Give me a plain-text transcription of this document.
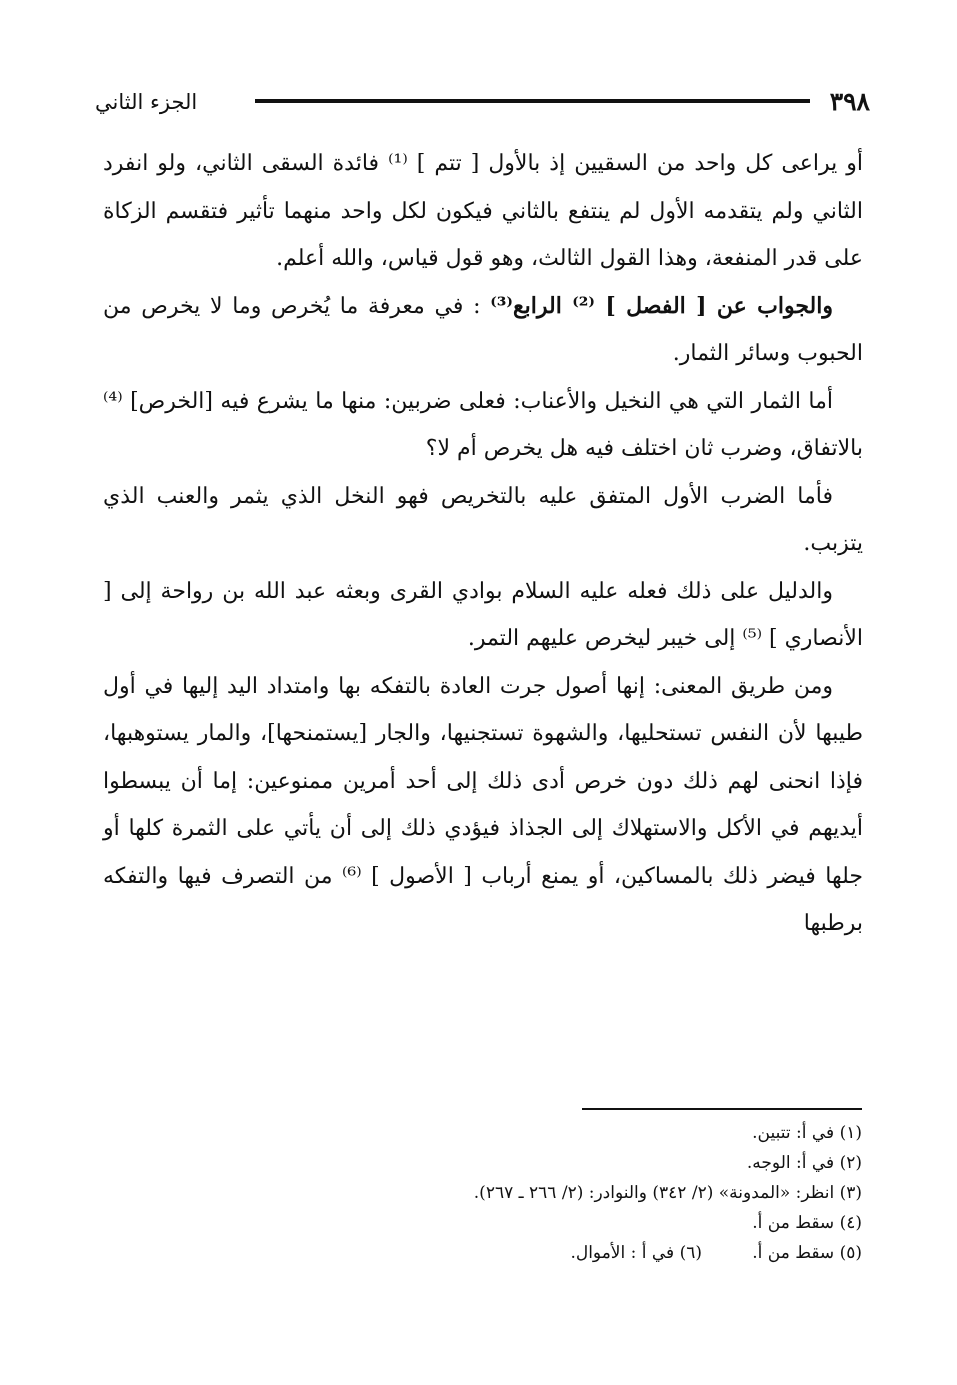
٣٩٨
الجزء الثاني

أو يراعى كل واحد من السقيين إذ بالأول [ تتم ] ⁽¹⁾ فائدة السقى الثاني، ولو انفرد الثاني ولم يتقدمه الأول لم ينتفع بالثاني فيكون لكل واحد منهما تأثير فتقسم الزكاة على قدر المنفعة، وهذا القول الثالث، وهو قول قياس، والله أعلم.

والجواب عن [ الفصل ] ⁽²⁾ الرابع⁽³⁾ : في معرفة ما يُخرص وما لا يخرص من الحبوب وسائر الثمار.

أما الثمار التي هي النخيل والأعناب: فعلى ضربين: منها ما يشرع فيه [الخرص] ⁽⁴⁾ بالاتفاق، وضرب ثان اختلف فيه هل يخرص أم لا؟

فأما الضرب الأول المتفق عليه بالتخريص فهو النخل الذي يثمر والعنب الذي يتزبب.

والدليل على ذلك فعله عليه السلام بوادي القرى وبعثه عبد الله بن رواحة إلى [ الأنصاري ] ⁽⁵⁾ إلى خيبر ليخرص عليهم التمر.

ومن طريق المعنى: إنها أصول جرت العادة بالتفكه بها وامتداد اليد إليها في أول طيبها لأن النفس تستحليها، والشهوة تستجنيها، والجار [يستمنحها]، والمار يستوهبها، فإذا انحنى لهم ذلك دون خرص أدى ذلك إلى أحد أمرين ممنوعين: إما أن يبسطوا أيديهم في الأكل والاستهلاك إلى الجذاذ فيؤدي ذلك إلى أن يأتي على الثمرة كلها أو جلها فيضر ذلك بالمساكين، أو يمنع أرباب [ الأصول ] ⁽⁶⁾ من التصرف فيها والتفكه برطبها

(١) في أ: تتبين.

(٢) في أ: الوجه.

(٣) انظر: «المدونة» (٢/ ٣٤٢) والنوادر: (٢/ ٢٦٦ ـ ٢٦٧).

(٤) سقط من أ.

(٥) سقط من أ.

(٦) في أ : الأموال.
